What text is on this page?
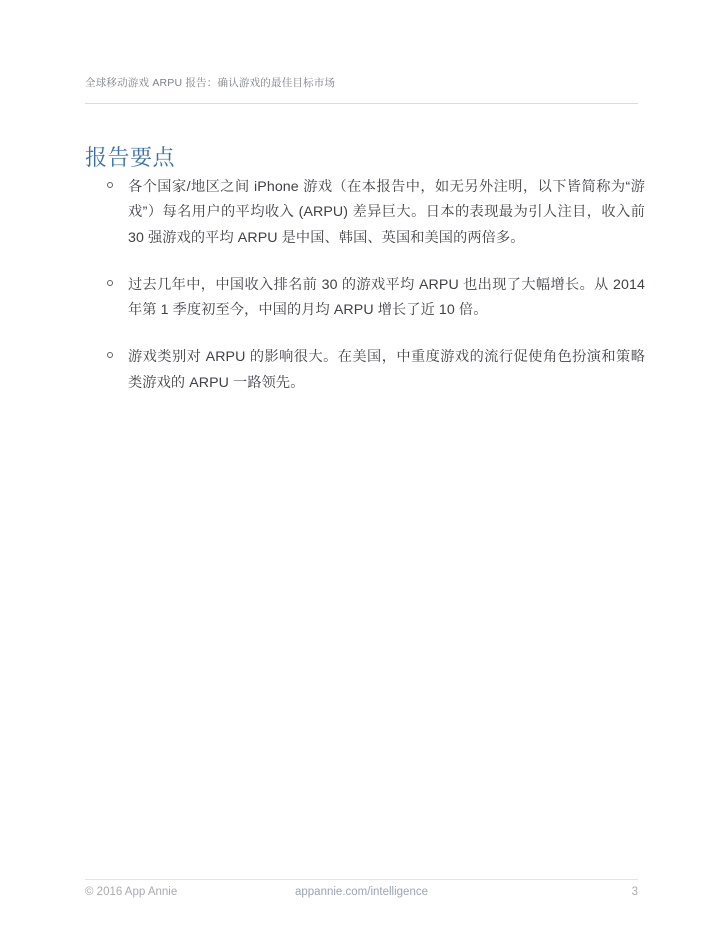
全球移动游戏 ARPU 报告：确认游戏的最佳目标市场
报告要点
各个国家/地区之间 iPhone 游戏（在本报告中，如无另外注明，以下皆简称为“游戏”）每名用户的平均收入 (ARPU) 差异巨大。日本的表现最为引人注目，收入前 30 强游戏的平均 ARPU 是中国、韩国、英国和美国的两倍多。
过去几年中，中国收入排名前 30 的游戏平均 ARPU 也出现了大幅增长。从 2014 年第 1 季度初至今，中国的月均 ARPU 增长了近 10 倍。
游戏类别对 ARPU 的影响很大。在美国，中重度游戏的流行促使角色扮演和策略类游戏的 ARPU 一路领先。
© 2016 App Annie	appannie.com/intelligence	3
